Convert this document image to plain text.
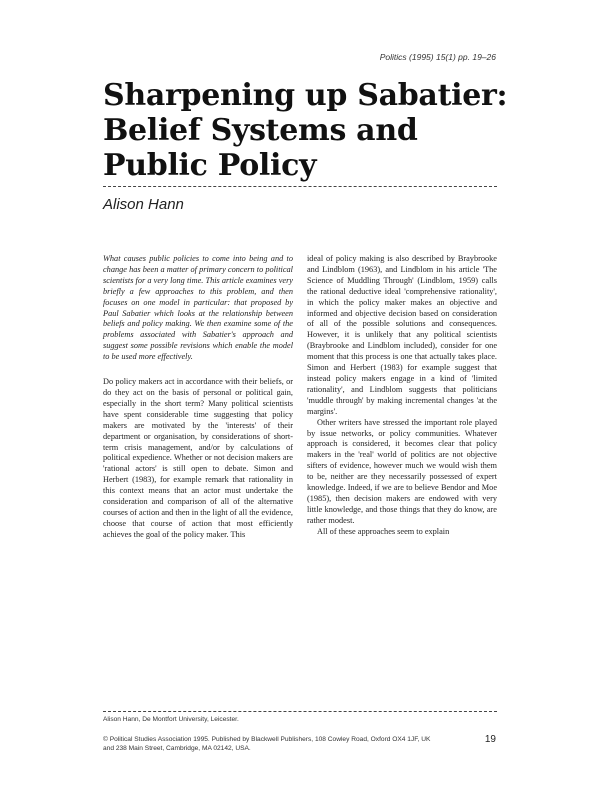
Politics (1995) 15(1) pp. 19–26
Sharpening up Sabatier: Belief Systems and Public Policy
Alison Hann

What causes public policies to come into being and to change has been a matter of primary concern to political scientists for a very long time. This article examines very briefly a few approaches to this problem, and then focuses on one model in particular: that proposed by Paul Sabatier which looks at the relationship between beliefs and policy making. We then examine some of the problems associated with Sabatier's approach and suggest some possible revisions which enable the model to be used more effectively.

Do policy makers act in accordance with their beliefs, or do they act on the basis of personal or political gain, especially in the short term? Many political scientists have spent considerable time suggesting that policy makers are motivated by the 'interests' of their department or organisation, by considerations of short-term crisis management, and/or by calculations of political expedience. Whether or not decision makers are 'rational actors' is still open to debate. Simon and Herbert (1983), for example remark that rationality in this context means that an actor must undertake the consideration and comparison of all of the alternative courses of action and then in the light of all the evidence, choose that course of action that most efficiently achieves the goal of the policy maker. This

ideal of policy making is also described by Braybrooke and Lindblom (1963), and Lindblom in his article 'The Science of Muddling Through' (Lindblom, 1959) calls the rational deductive ideal 'comprehensive rationality', in which the policy maker makes an objective and informed and objective decision based on consideration of all of the possible solutions and consequences. However, it is unlikely that any political scientists (Braybrooke and Lindblom included), consider for one moment that this process is one that actually takes place. Simon and Herbert (1983) for example suggest that instead policy makers engage in a kind of 'limited rationality', and Lindblom suggests that politicians 'muddle through' by making incremental changes 'at the margins'.

Other writers have stressed the important role played by issue networks, or policy communities. Whatever approach is considered, it becomes clear that policy makers in the 'real' world of politics are not objective sifters of evidence, however much we would wish them to be, neither are they necessarily possessed of expert knowledge. Indeed, if we are to believe Bendor and Moe (1985), then decision makers are endowed with very little knowledge, and those things that they do know, are rather modest.

All of these approaches seem to explain

Alison Hann, De Montfort University, Leicester.
© Political Studies Association 1995. Published by Blackwell Publishers, 108 Cowley Road, Oxford OX4 1JF, UK and 238 Main Street, Cambridge, MA 02142, USA.
19
